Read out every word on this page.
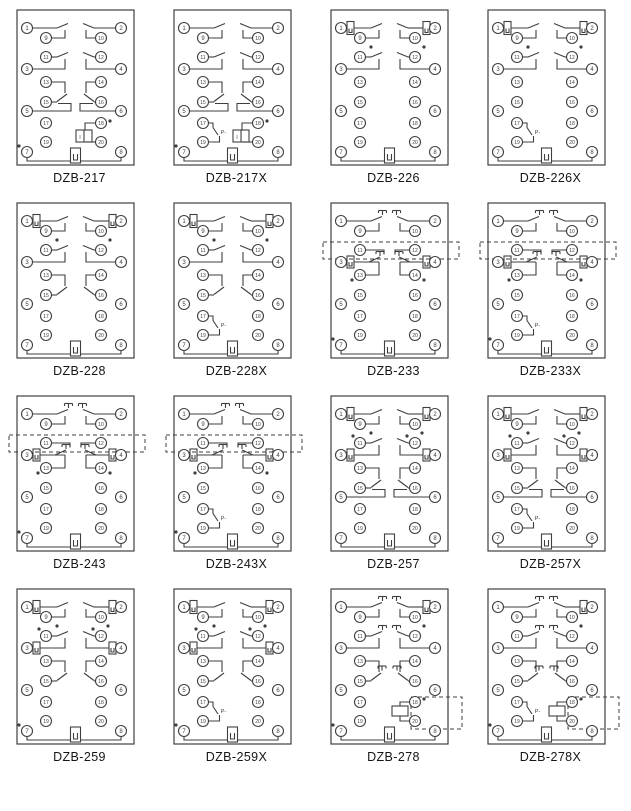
I
1	2
9	10
11	12
3	4
13	14
15	16
5	6
17	18
19	20
7	8
DZB-217
P-
I
1	2
9	10
11	12
3	4
13	14
15	16
5	6
17	18
19	20
7	8
DZB-217X
1	2
9	10
11	12
3	4
13	14
15	16
5	6
17	18
19	20
7	8
DZB-226
P-
1	2
9	10
11	12
3	4
13	14
15	16
5	6
17	18
19	20
7	8
DZB-226X
1	2
9	10
11	12
3	4
13	14
15	16
5	6
17	18
19	20
7	8
DZB-228
P-
1	2
9	10
11	12
3	4
13	14
15	16
5	6
17	18
19	20
7	8
DZB-228X
1	2
9	10
11	12
3	4
13	14
15	16
5	6
17	18
19	20
7	8
DZB-233
P-
1	2
9	10
11	12
3	4
13	14
15	16
5	6
17	18
19	20
7	8
DZB-233X
1	2
9	10
11	12
3	4
13	14
15	16
5	6
17	18
19	20
7	8
DZB-243
P-
1	2
9	10
11	12
3	4
13	14
15	16
5	6
17	18
19	20
7	8
DZB-243X
1	2
9	10
11	12
3	4
13	14
15	16
5	6
17	18
19	20
7	8
DZB-257
P-
1	2
9	10
11	12
3	4
13	14
15	16
5	6
17	18
19	20
7	8
DZB-257X
1	2
9	10
11	12
3	4
13	14
15	16
5	6
17	18
19	20
7	8
DZB-259
P-
1	2
9	10
11	12
3	4
13	14
15	16
5	6
17	18
19	20
7	8
DZB-259X
1	2
9	10
11	12
3	4
13	14
15	16
5	6
17	18
19	20
7	8
DZB-278
P-
1	2
9	10
11	12
3	4
13	14
15	16
5	6
17	18
19	20
7	8
DZB-278X
